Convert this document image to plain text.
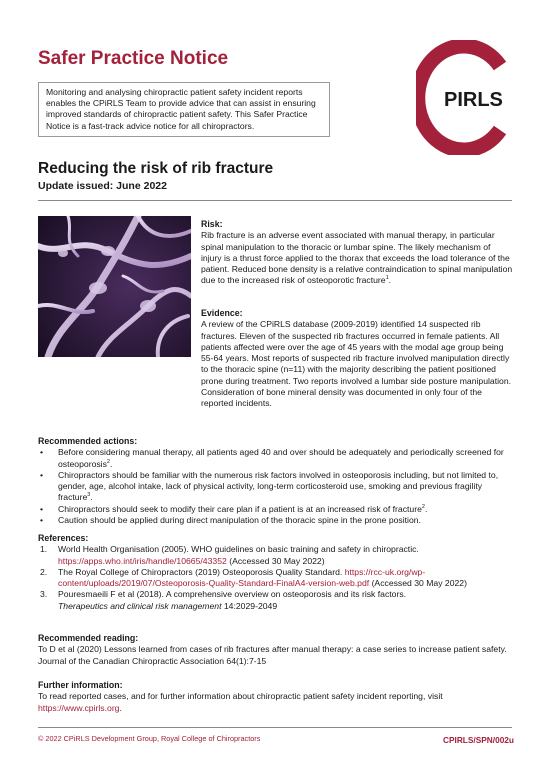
Safer Practice Notice
Monitoring and analysing chiropractic patient safety incident reports enables the CPiRLS Team to provide advice that can assist in ensuring improved standards of chiropractic patient safety. This Safer Practice Notice is a fast-track advice notice for all chiropractors.
PIRLS
Reducing the risk of rib fracture
Update issued: June 2022
Risk:
Rib fracture is an adverse event associated with manual therapy, in particular spinal manipulation to the thoracic or lumbar spine. The likely mechanism of injury is a thrust force applied to the thorax that exceeds the load tolerance of the patient. Reduced bone density is a relative contraindication to spinal manipulation due to the increased risk of osteoporotic fracture$^1$.
Evidence:
A review of the CPiRLS database (2009-2019) identified 14 suspected rib fractures. Eleven of the suspected rib fractures occurred in female patients. All patients affected were over the age of 45 years with the modal age group being 55-64 years. Most reports of suspected rib fracture involved manipulation directly to the thoracic spine (n=11) with the majority describing the patient positioned prone during treatment. Two reports involved a lumbar side posture manipulation. Consideration of bone mineral density was documented in only four of the reported incidents.
Recommended actions:
• Before considering manual therapy, all patients aged 40 and over should be adequately and periodically screened for osteoporosis$^2$.
• Chiropractors should be familiar with the numerous risk factors involved in osteoporosis including, but not limited to, gender, age, alcohol intake, lack of physical activity, long-term corticosteroid use, smoking and previous fragility fracture$^3$.
• Chiropractors should seek to modify their care plan if a patient is at an increased risk of fracture$^2$.
• Caution should be applied during direct manipulation of the thoracic spine in the prone position.
References:
1. World Health Organisation (2005). WHO guidelines on basic training and safety in chiropractic.
https://apps.who.int/iris/handle/10665/43352 (Accessed 30 May 2022)
2. The Royal College of Chiropractors (2019) Osteoporosis Quality Standard. https://rcc-uk.org/wp-content/uploads/2019/07/Osteoporosis-Quality-Standard-FinalA4-version-web.pdf (Accessed 30 May 2022)
3. Pouresmaeili F et al (2018). A comprehensive overview on osteoporosis and its risk factors.
Therapeutics and clinical risk management 14:2029-2049
Recommended reading:
To D et al (2020) Lessons learned from cases of rib fractures after manual therapy: a case series to increase patient safety. Journal of the Canadian Chiropractic Association 64(1):7-15
Further information:
To read reported cases, and for further information about chiropractic patient safety incident reporting, visit https://www.cpirls.org.
© 2022 CPiRLS Development Group, Royal College of Chiropractors	CPIRLS/SPN/002u
